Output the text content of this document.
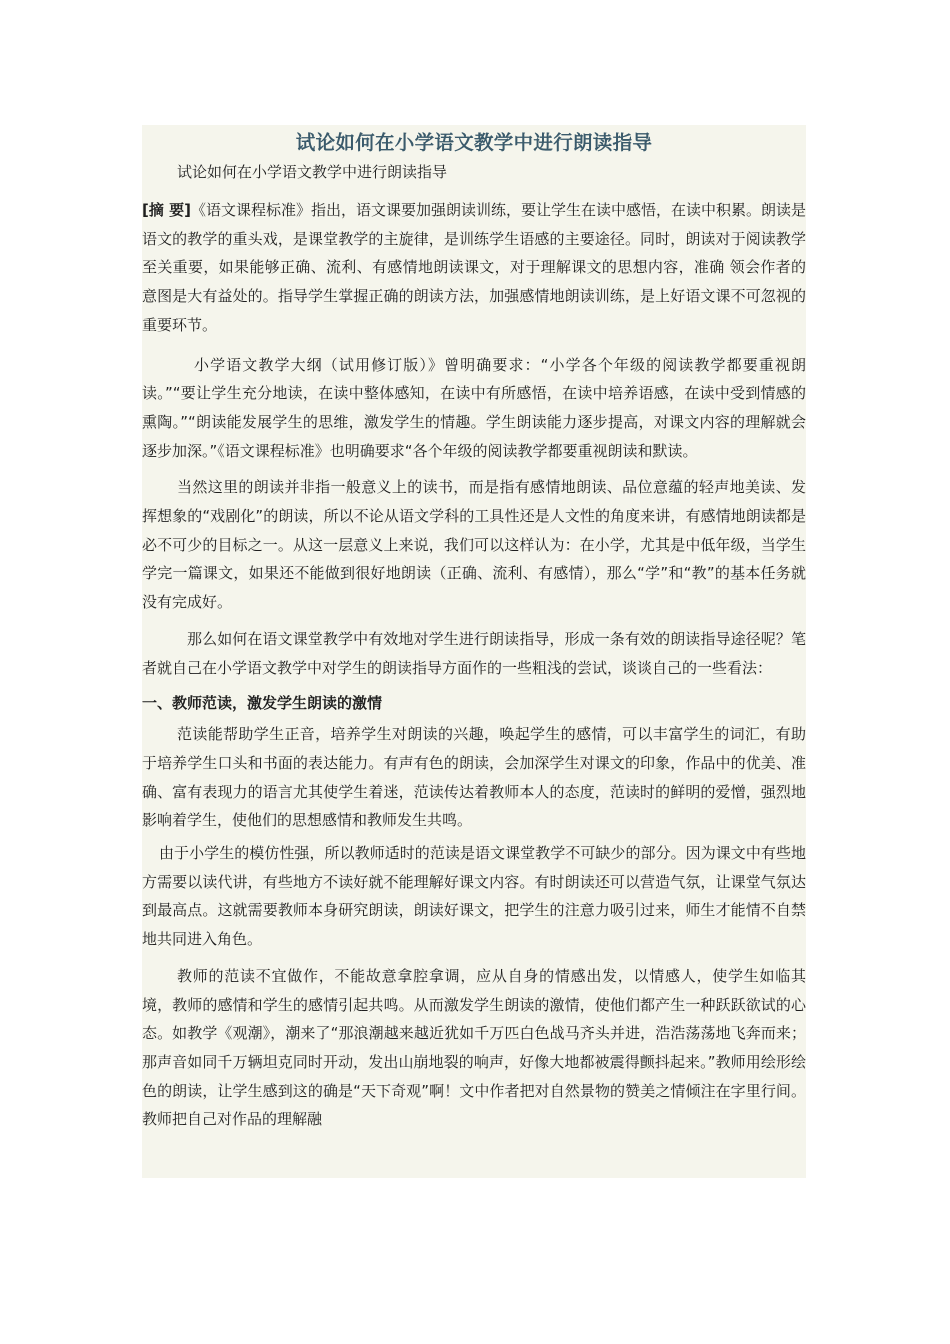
试论如何在小学语文教学中进行朗读指导
试论如何在小学语文教学中进行朗读指导

[摘 要]《语文课程标准》指出，语文课要加强朗读训练，要让学生在读中感悟，在读中积累。朗读是语文的教学的重头戏，是课堂教学的主旋律，是训练学生语感的主要途径。同时，朗读对于阅读教学至关重要，如果能够正确、流利、有感情地朗读课文，对于理解课文的思想内容，准确 领会作者的意图是大有益处的。指导学生掌握正确的朗读方法，加强感情地朗读训练，是上好语文课不可忽视的重要环节。

小学语文教学大纲（试用修订版）》曾明确要求：“小学各个年级的阅读教学都要重视朗读。”“要让学生充分地读，在读中整体感知，在读中有所感悟，在读中培养语感，在读中受到情感的熏陶。”“朗读能发展学生的思维，激发学生的情趣。学生朗读能力逐步提高，对课文内容的理解就会逐步加深。”《语文课程标准》也明确要求“各个年级的阅读教学都要重视朗读和默读。

当然这里的朗读并非指一般意义上的读书，而是指有感情地朗读、品位意蕴的轻声地美读、发挥想象的“戏剧化”的朗读，所以不论从语文学科的工具性还是人文性的角度来讲，有感情地朗读都是必不可少的目标之一。从这一层意义上来说，我们可以这样认为：在小学，尤其是中低年级，当学生学完一篇课文，如果还不能做到很好地朗读（正确、流利、有感情），那么“学”和“教”的基本任务就没有完成好。

那么如何在语文课堂教学中有效地对学生进行朗读指导，形成一条有效的朗读指导途径呢？笔者就自己在小学语文教学中对学生的朗读指导方面作的一些粗浅的尝试，谈谈自己的一些看法：

一、教师范读，激发学生朗读的激情

范读能帮助学生正音，培养学生对朗读的兴趣，唤起学生的感情，可以丰富学生的词汇，有助于培养学生口头和书面的表达能力。有声有色的朗读，会加深学生对课文的印象，作品中的优美、准确、富有表现力的语言尤其使学生着迷，范读传达着教师本人的态度，范读时的鲜明的爱憎，强烈地影响着学生，使他们的思想感情和教师发生共鸣。

由于小学生的模仿性强，所以教师适时的范读是语文课堂教学不可缺少的部分。因为课文中有些地方需要以读代讲，有些地方不读好就不能理解好课文内容。有时朗读还可以营造气氛，让课堂气氛达到最高点。这就需要教师本身研究朗读，朗读好课文，把学生的注意力吸引过来，师生才能情不自禁地共同进入角色。

教师的范读不宜做作，不能故意拿腔拿调，应从自身的情感出发，以情感人，使学生如临其境，教师的感情和学生的感情引起共鸣。从而激发学生朗读的激情，使他们都产生一种跃跃欲试的心态。如教学《观潮》，潮来了“那浪潮越来越近犹如千万匹白色战马齐头并进，浩浩荡荡地飞奔而来；那声音如同千万辆坦克同时开动，发出山崩地裂的响声，好像大地都被震得颤抖起来。”教师用绘形绘色的朗读，让学生感到这的确是“天下奇观”啊！文中作者把对自然景物的赞美之情倾注在字里行间。教师把自己对作品的理解融
